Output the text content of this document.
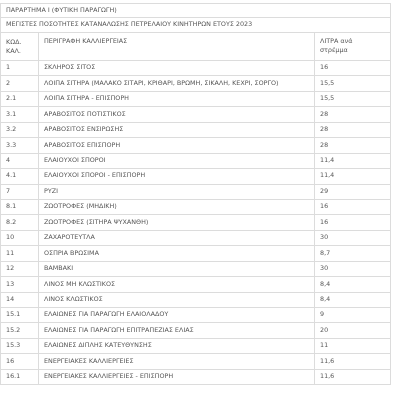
ΠΑΡΑΡΤΗΜΑ Ι (ΦΥΤΙΚΗ ΠΑΡΑΓΩΓΗ)		
ΜΕΓΙΣΤΕΣ ΠΟΣΟΤΗΤΕΣ ΚΑΤΑΝΑΛΩΣΗΣ ΠΕΤΡΕΛΑΙΟΥ ΚΙΝΗΤΗΡΩΝ ΕΤΟΥΣ 2023		
ΚΩΔ.
ΚΑΛ.	ΠΕΡΙΓΡΑΦΗ ΚΑΛΛΙΕΡΓΕΙΑΣ	ΛΙΤΡΑ ανά
στρέμμα
1	ΣΚΛΗΡΟΣ ΣΙΤΟΣ	16
2	ΛΟΙΠΑ ΣΙΤΗΡΑ (ΜΑΛΑΚΟ ΣΙΤΑΡΙ, ΚΡΙΘΑΡΙ, ΒΡΩΜΗ, ΣΙΚΑΛΗ, ΚΕΧΡΙ, ΣΟΡΓΟ)	15,5
2.1	ΛΟΙΠΑ ΣΙΤΗΡΑ - ΕΠΙΣΠΟΡΗ	15,5
3.1	ΑΡΑΒΟΣΙΤΟΣ ΠΟΤΙΣΤΙΚΟΣ	28
3.2	ΑΡΑΒΟΣΙΤΟΣ ΕΝΣΙΡΩΣΗΣ	28
3.3	ΑΡΑΒΟΣΙΤΟΣ ΕΠΙΣΠΟΡΗ	28
4	ΕΛΑΙΟΥΧΟΙ ΣΠΟΡΟΙ	11,4
4.1	ΕΛΑΙΟΥΧΟΙ ΣΠΟΡΟΙ - ΕΠΙΣΠΟΡΗ	11,4
7	ΡΥΖΙ	29
8.1	ΖΩΟΤΡΟΦΕΣ (ΜΗΔΙΚΗ)	16
8.2	ΖΩΟΤΡΟΦΕΣ (ΣΙΤΗΡΑ ΨΥΧΑΝΘΗ)	16
10	ΖΑΧΑΡΟΤΕΥΤΛΑ	30
11	ΟΣΠΡΙΑ ΒΡΩΣΙΜΑ	8,7
12	ΒΑΜΒΑΚΙ	30
13	ΛΙΝΟΣ ΜΗ ΚΛΩΣΤΙΚΟΣ	8,4
14	ΛΙΝΟΣ ΚΛΩΣΤΙΚΟΣ	8,4
15.1	ΕΛΑΙΩΝΕΣ ΓΙΑ ΠΑΡΑΓΩΓΗ ΕΛΑΙΟΛΑΔΟΥ	9
15.2	ΕΛΑΙΩΝΕΣ ΓΙΑ ΠΑΡΑΓΩΓΗ ΕΠΙΤΡΑΠΕΖΙΑΣ ΕΛΙΑΣ	20
15.3	ΕΛΑΙΩΝΕΣ ΔΙΠΛΗΣ ΚΑΤΕΥΘΥΝΣΗΣ	11
16	ΕΝΕΡΓΕΙΑΚΕΣ ΚΑΛΛΙΕΡΓΕΙΕΣ	11,6
16.1	ΕΝΕΡΓΕΙΑΚΕΣ ΚΑΛΛΙΕΡΓΕΙΕΣ - ΕΠΙΣΠΟΡΗ	11,6
